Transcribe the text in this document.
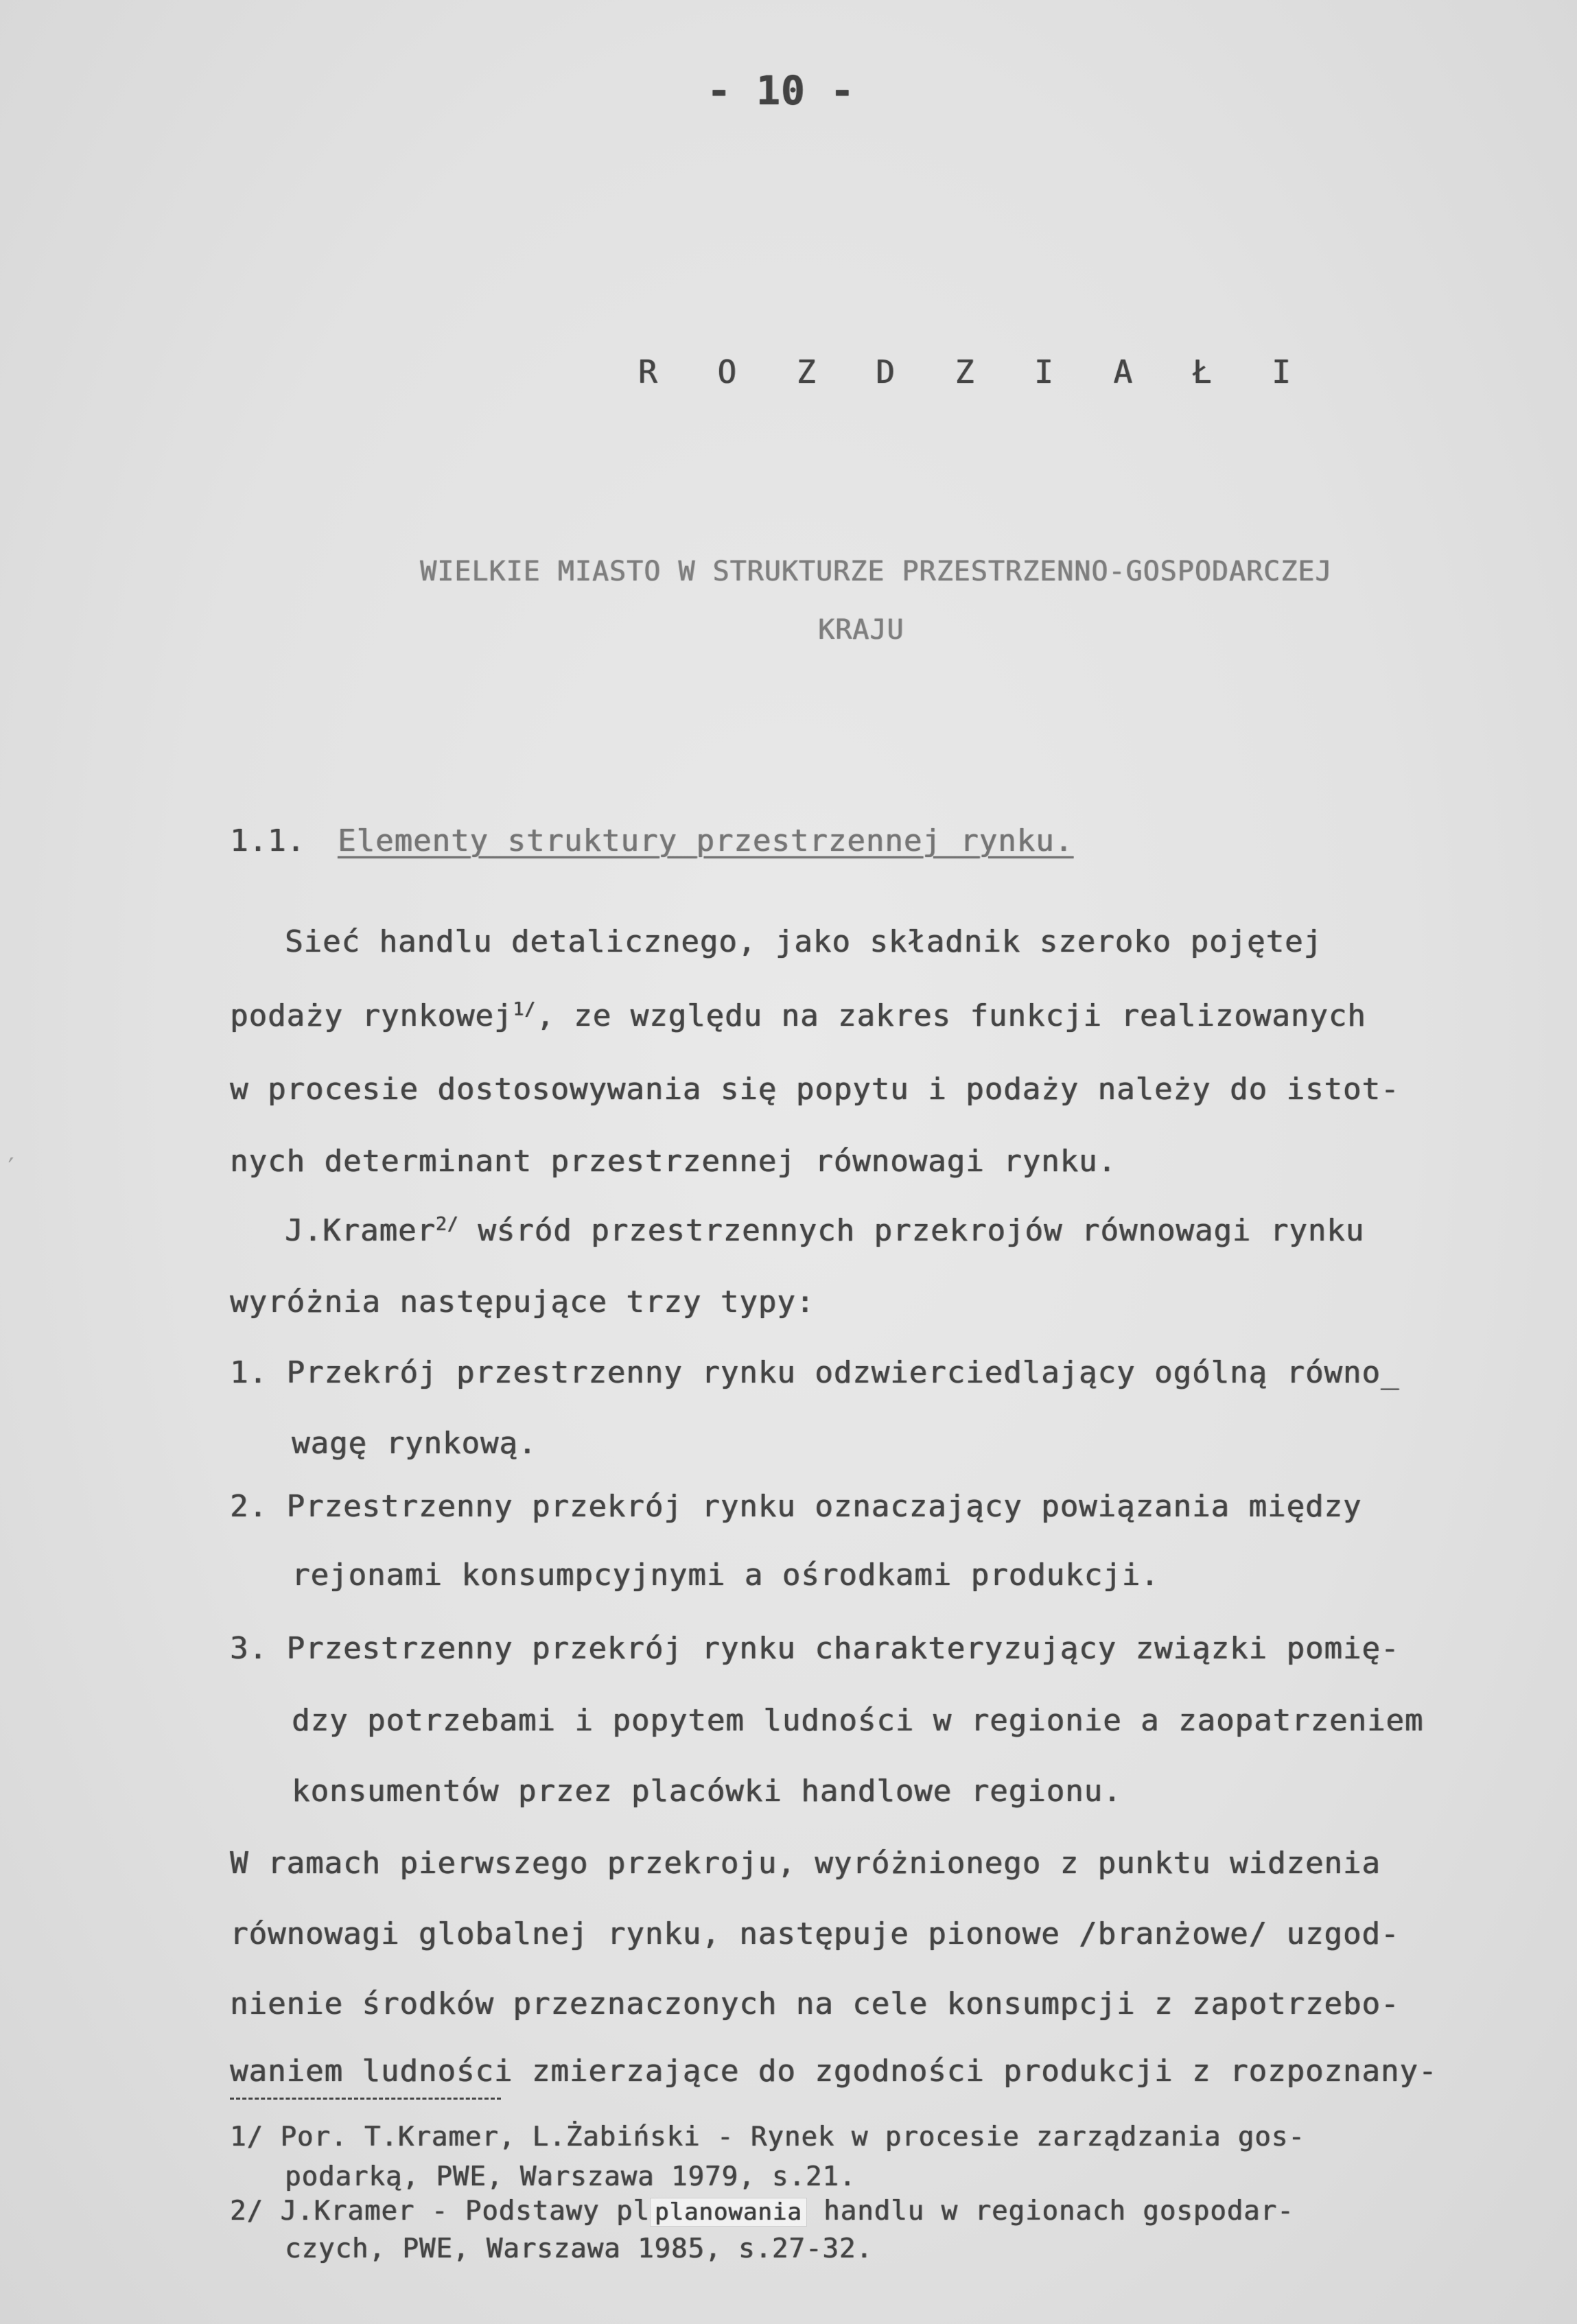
- 10 -
R O Z D Z I A Ł I
WIELKIE MIASTO W STRUKTURZE PRZESTRZENNO-GOSPODARCZEJ
KRAJU
1.1. Elementy struktury przestrzennej rynku.
Sieć handlu detalicznego, jako składnik szeroko pojętej
podaży rynkowej$^{1/}$, ze względu na zakres funkcji realizowanych
w procesie dostosowywania się popytu i podaży należy do istot-
nych determinant przestrzennej równowagi rynku.
J.Kramer$^{2/}$ wśród przestrzennych przekrojów równowagi rynku
wyróżnia następujące trzy typy:
1. Przekrój przestrzenny rynku odzwierciedlający ogólną równo_
wagę rynkową.
2. Przestrzenny przekrój rynku oznaczający powiązania między
rejonami konsumpcyjnymi a ośrodkami produkcji.
3. Przestrzenny przekrój rynku charakteryzujący związki pomię-
dzy potrzebami i popytem ludności w regionie a zaopatrzeniem
konsumentów przez placówki handlowe regionu.
W ramach pierwszego przekroju, wyróżnionego z punktu widzenia
równowagi globalnej rynku, następuje pionowe /branżowe/ uzgod-
nienie środków przeznaczonych na cele konsumpcji z zapotrzebo-
waniem ludności zmierzające do zgodności produkcji z rozpoznany-
1/ Por. T.Kramer, L.Żabiński - Rynek w procesie zarządzania gos-
podarką, PWE, Warszawa 1979, s.21.
2/ J.Kramer - Podstawy pl planowania handlu w regionach gospodar-
czych, PWE, Warszawa 1985, s.27-32.
′
